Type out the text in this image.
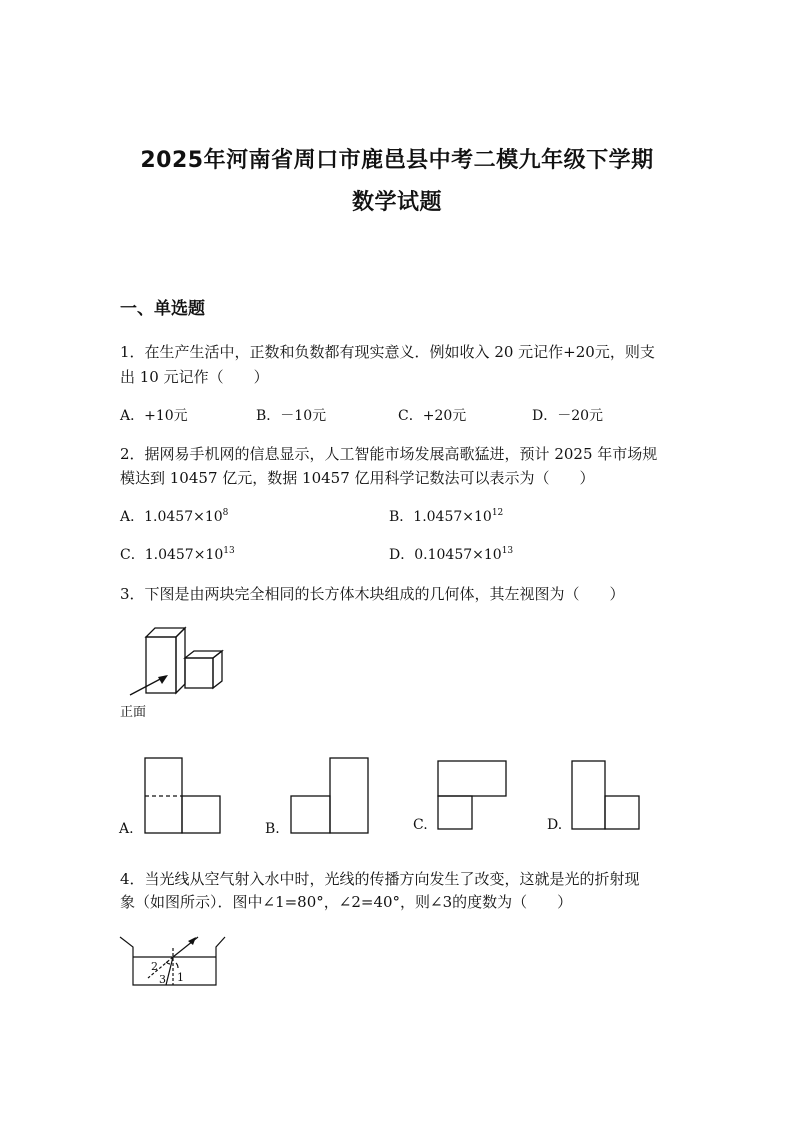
2025年河南省周口市鹿邑县中考二模九年级下学期
数学试题
一、单选题
1．在生产生活中，正数和负数都有现实意义．例如收入 20 元记作+20元，则支
出 10 元记作（　　）
A．+10元	B．－10元	C．+20元	D．－20元
2．据网易手机网的信息显示，人工智能市场发展高歌猛进，预计 2025 年市场规
模达到 10457 亿元，数据 10457 亿用科学记数法可以表示为（　　）
A．$1.0457\times 10^8$	B．$1.0457\times 10^{12}$
C．$1.0457\times 10^{13}$	D．$0.10457\times 10^{13}$
3．下图是由两块完全相同的长方体木块组成的几何体，其左视图为（　　）
正面
A.	B.	C.	D.
4．当光线从空气射入水中时，光线的传播方向发生了改变，这就是光的折射现
象（如图所示）．图中∠1=80°，∠2=40°，则∠3的度数为（　　）
2
3 1
